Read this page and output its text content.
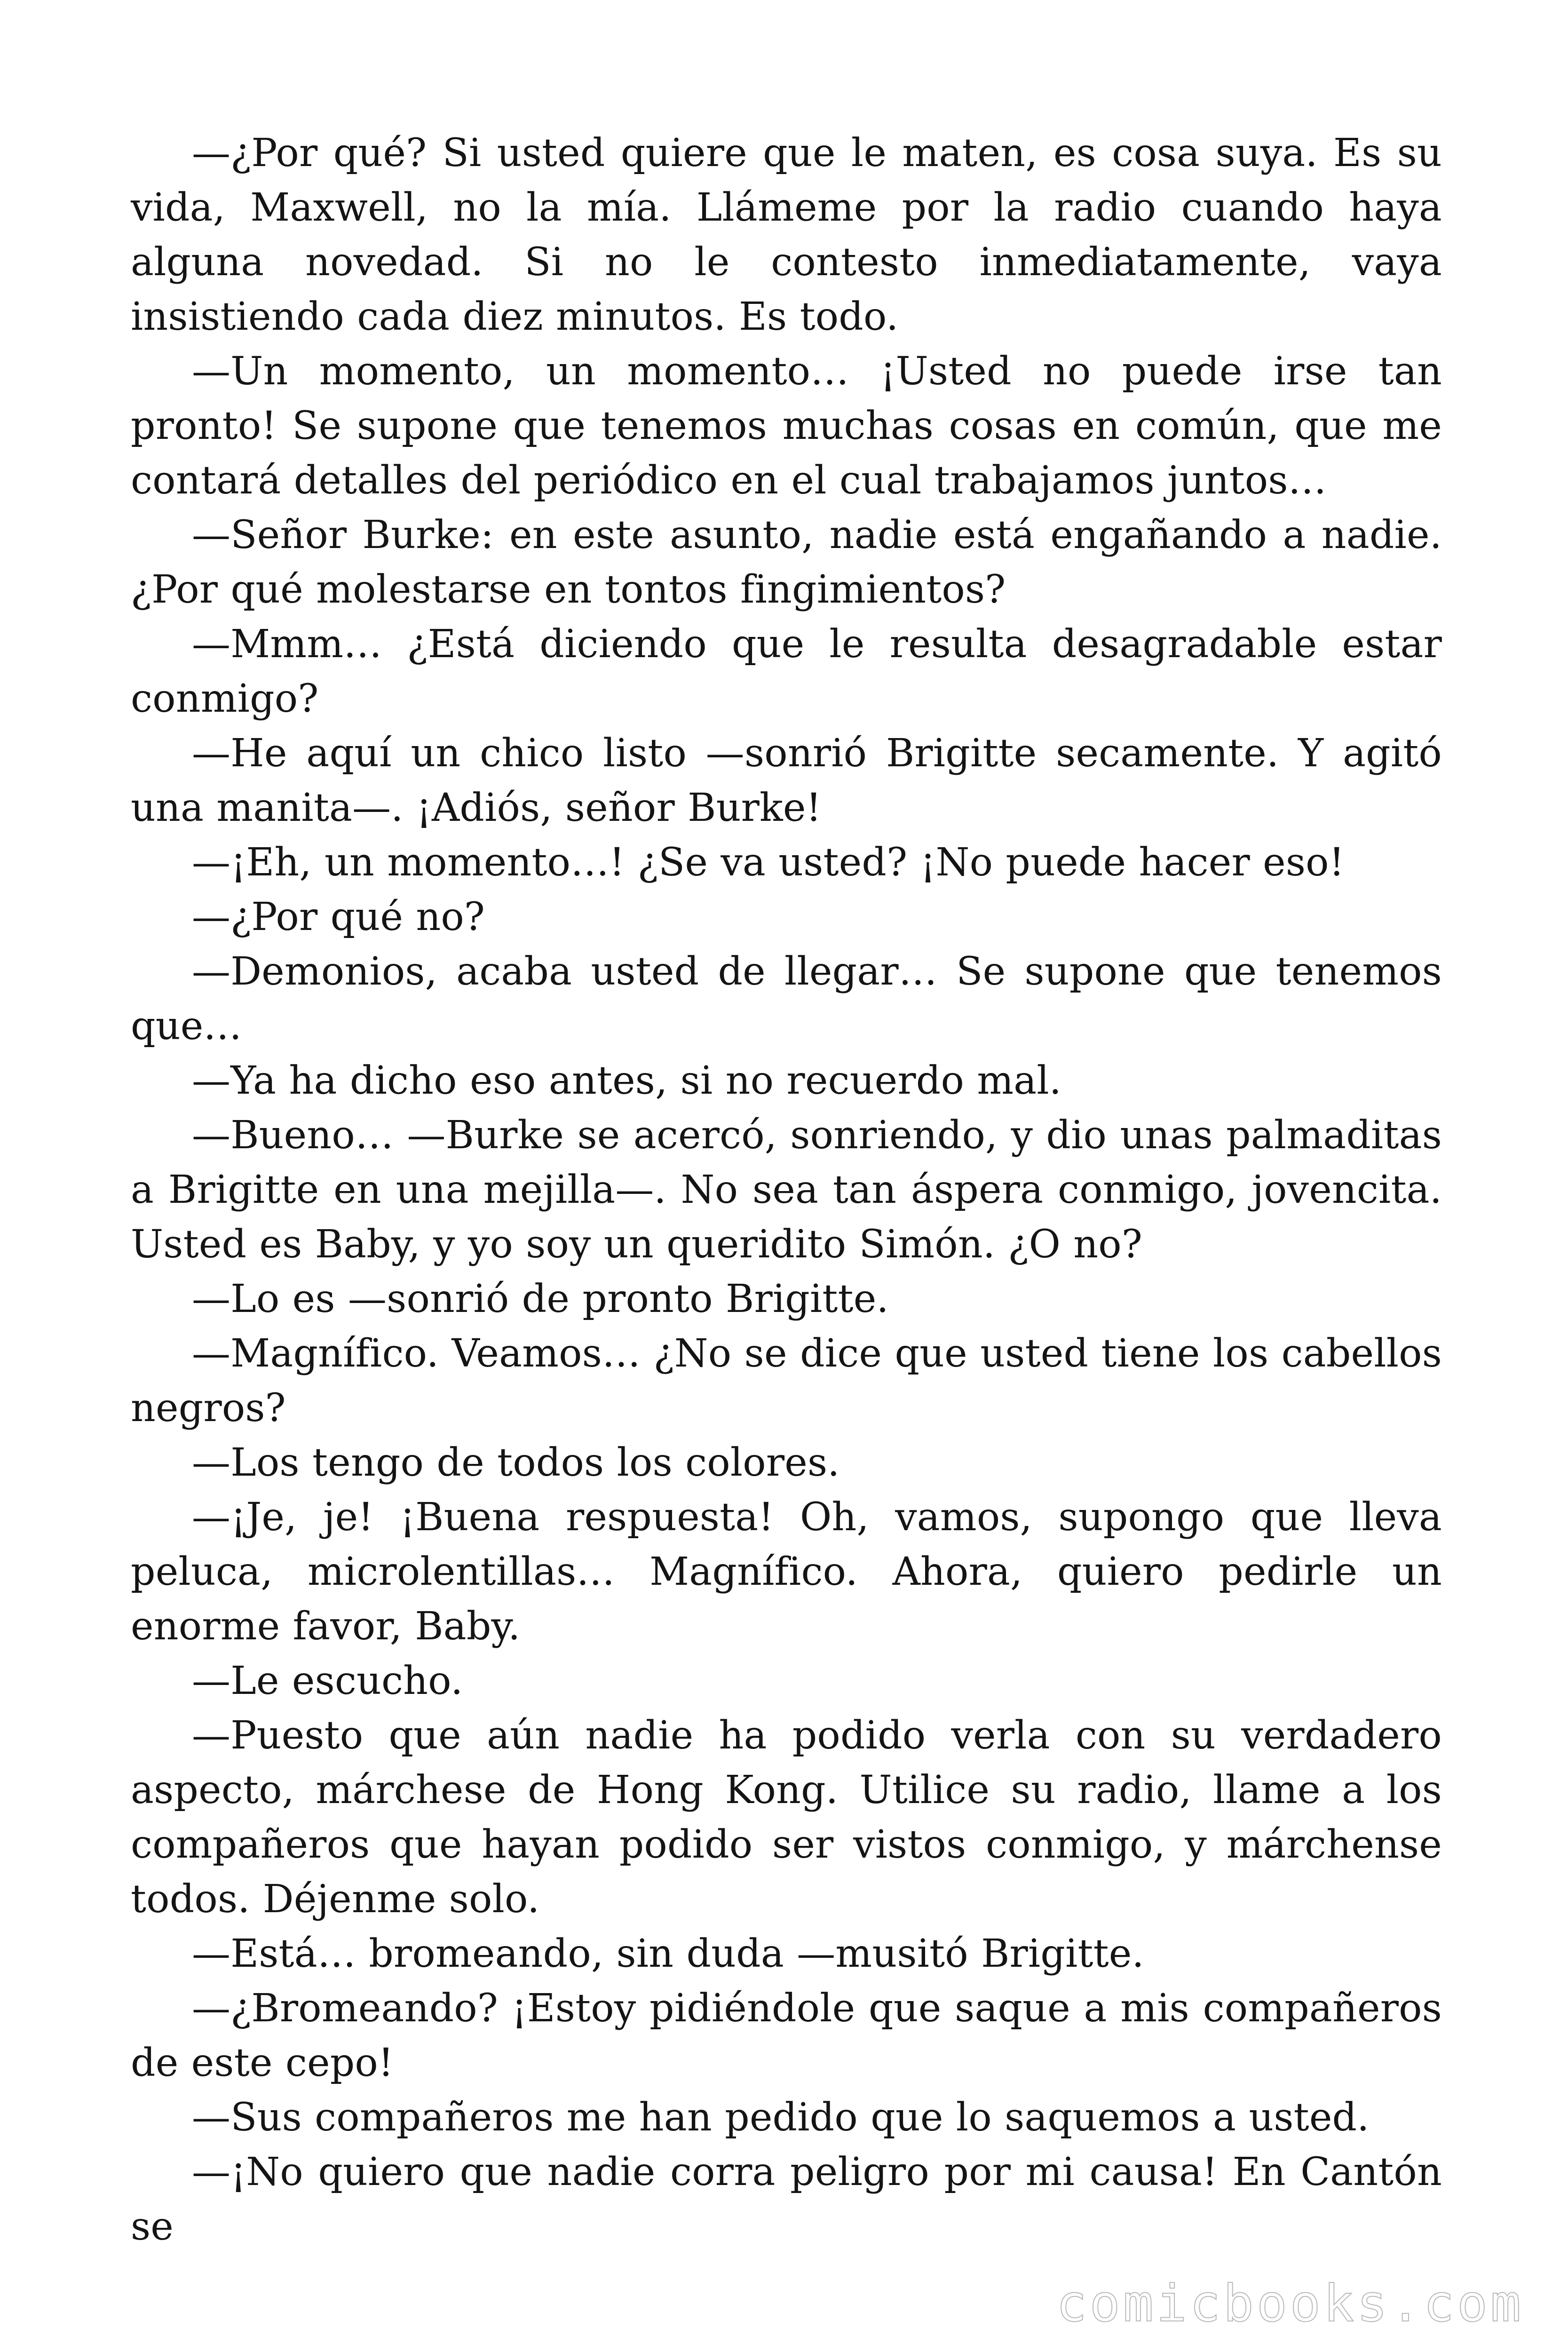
—¿Por qué? Si usted quiere que le maten, es cosa suya. Es su vida, Maxwell, no la mía. Llámeme por la radio cuando haya alguna novedad. Si no le contesto inmediatamente, vaya insistiendo cada diez minutos. Es todo.

—Un momento, un momento… ¡Usted no puede irse tan pronto! Se supone que tenemos muchas cosas en común, que me contará detalles del periódico en el cual trabajamos juntos…

—Señor Burke: en este asunto, nadie está engañando a nadie. ¿Por qué molestarse en tontos fingimientos?

—Mmm… ¿Está diciendo que le resulta desagradable estar conmigo?

—He aquí un chico listo —sonrió Brigitte secamente. Y agitó una manita—. ¡Adiós, señor Burke!

—¡Eh, un momento…! ¿Se va usted? ¡No puede hacer eso!

—¿Por qué no?

—Demonios, acaba usted de llegar… Se supone que tenemos que…

—Ya ha dicho eso antes, si no recuerdo mal.

—Bueno… —Burke se acercó, sonriendo, y dio unas palmaditas a Brigitte en una mejilla—. No sea tan áspera conmigo, jovencita. Usted es Baby, y yo soy un queridito Simón. ¿O no?

—Lo es —sonrió de pronto Brigitte.

—Magnífico. Veamos… ¿No se dice que usted tiene los cabellos negros?

—Los tengo de todos los colores.

—¡Je, je! ¡Buena respuesta! Oh, vamos, supongo que lleva peluca, microlentillas… Magnífico. Ahora, quiero pedirle un enorme favor, Baby.

—Le escucho.

—Puesto que aún nadie ha podido verla con su verdadero aspecto, márchese de Hong Kong. Utilice su radio, llame a los compañeros que hayan podido ser vistos conmigo, y márchense todos. Déjenme solo.

—Está… bromeando, sin duda —musitó Brigitte.

—¿Bromeando? ¡Estoy pidiéndole que saque a mis compañeros de este cepo!

—Sus compañeros me han pedido que lo saquemos a usted.

—¡No quiero que nadie corra peligro por mi causa! En Cantón se

comicbooks.com
